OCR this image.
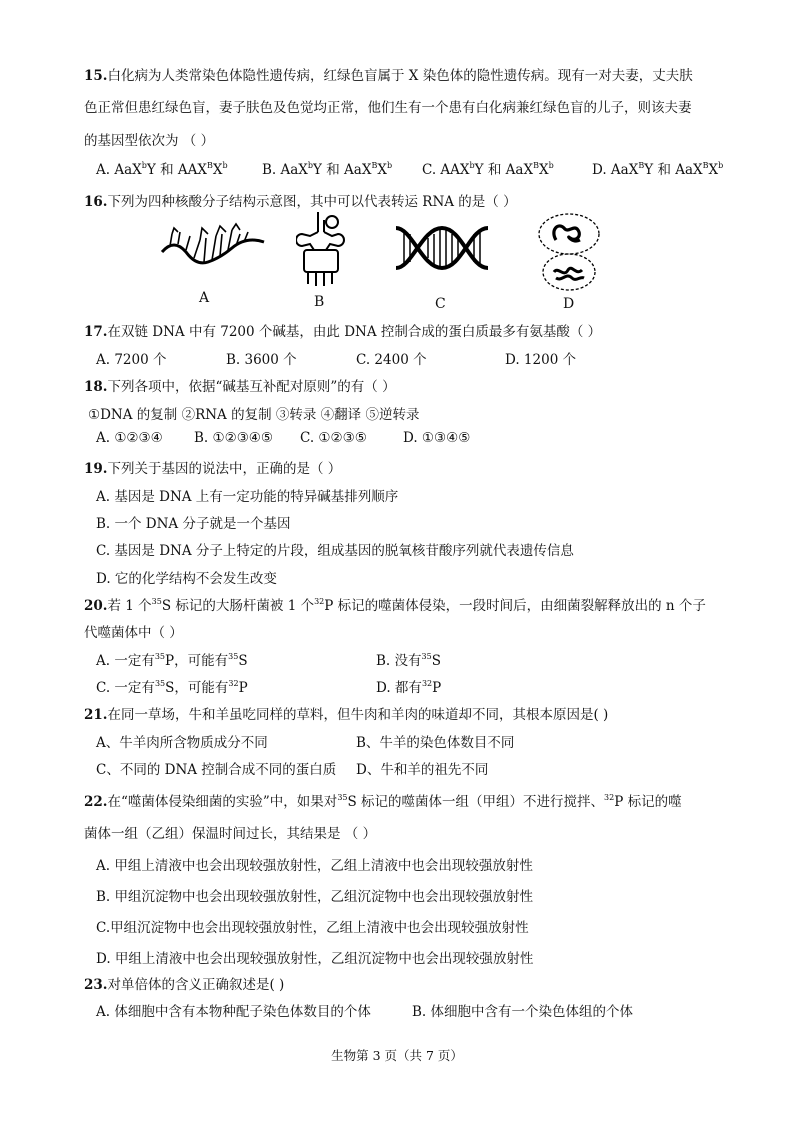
15.白化病为人类常染色体隐性遗传病，红绿色盲属于 X 染色体的隐性遗传病。现有一对夫妻，丈夫肤
色正常但患红绿色盲，妻子肤色及色觉均正常，他们生有一个患有白化病兼红绿色盲的儿子，则该夫妻
的基因型依次为 （ ）
A. AaX$^b$Y 和 $AAX^BX^b$	B. AaX$^b$Y 和 $AaX^BX^b$ C. AAX$^b$Y 和 $AaX^BX^b$	D. AaX$^B$Y 和 $AaX^BX^b$
16.下列为四种核酸分子结构示意图，其中可以代表转运 RNA 的是（ ）
A	B	C	D
17.在双链 DNA 中有 7200 个碱基，由此 DNA 控制合成的蛋白质最多有氨基酸（ ）
A. 7200 个	B. 3600 个	C. 2400 个	D. 1200 个
18.下列各项中，依据“碱基互补配对原则”的有（ ）
①DNA 的复制 ②RNA 的复制 ③转录 ④翻译 ⑤逆转录
A. ①②③④ B. ①②③④⑤ C. ①②③⑤	D. ①③④⑤
19.下列关于基因的说法中，正确的是（ ）
A. 基因是 DNA 上有一定功能的特异碱基排列顺序
B. 一个 DNA 分子就是一个基因
C. 基因是 DNA 分子上特定的片段，组成基因的脱氧核苷酸序列就代表遗传信息
D. 它的化学结构不会发生改变
20.若 1 个$^{35}$S 标记的大肠杆菌被 1 个$^{32}$P 标记的噬菌体侵染，一段时间后，由细菌裂解释放出的 n 个子
代噬菌体中（ ）
A. 一定有$^{35}$P，可能有$^{35}$S	B. 没有$^{35}$S
C. 一定有$^{35}$S，可能有$^{32}$P	D. 都有$^{32}$P
21.在同一草场，牛和羊虽吃同样的草料，但牛肉和羊肉的味道却不同，其根本原因是( )
A、牛羊肉所含物质成分不同	B、牛羊的染色体数目不同
C、不同的 DNA 控制合成不同的蛋白质 D、牛和羊的祖先不同
22.在“噬菌体侵染细菌的实验”中，如果对$^{35}$S 标记的噬菌体一组（甲组）不进行搅拌、$^{32}$P 标记的噬
菌体一组（乙组）保温时间过长，其结果是 （ ）
A. 甲组上清液中也会出现较强放射性，乙组上清液中也会出现较强放射性
B. 甲组沉淀物中也会出现较强放射性，乙组沉淀物中也会出现较强放射性
C.甲组沉淀物中也会出现较强放射性，乙组上清液中也会出现较强放射性
D. 甲组上清液中也会出现较强放射性，乙组沉淀物中也会出现较强放射性
23.对单倍体的含义正确叙述是( )
A. 体细胞中含有本物种配子染色体数目的个体	B. 体细胞中含有一个染色体组的个体
生物第 3 页（共 7 页）
